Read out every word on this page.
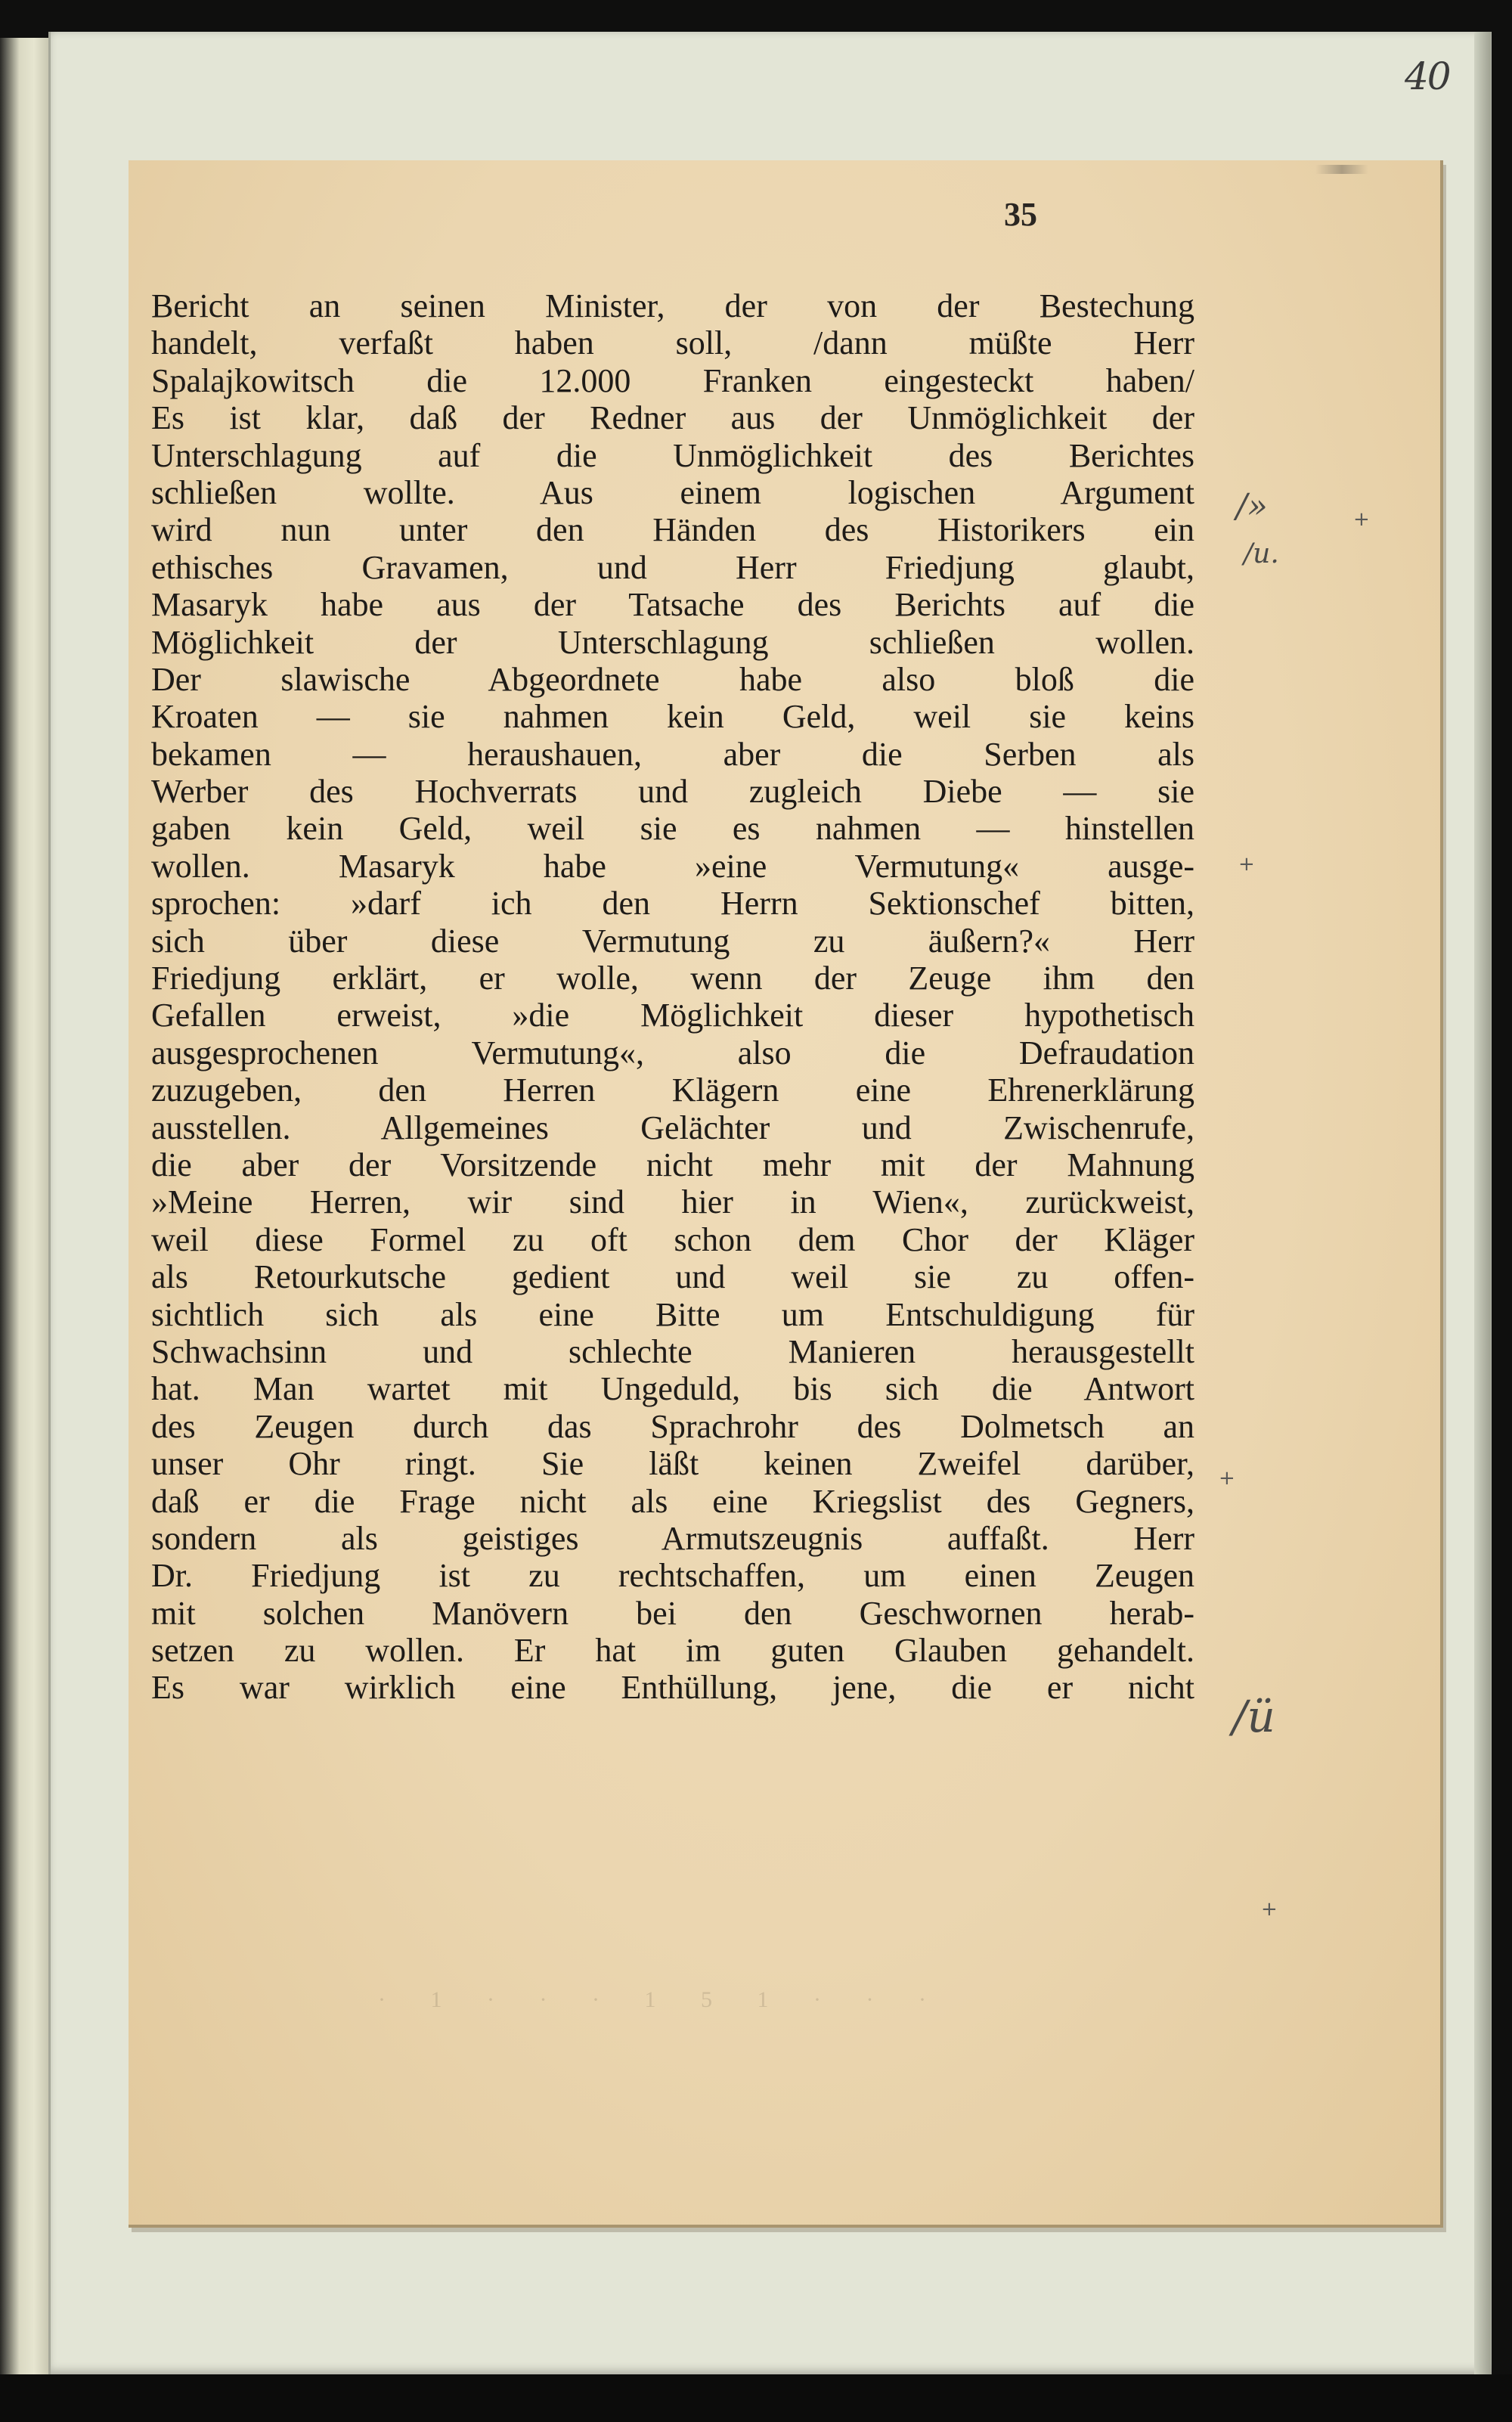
40
35
Bericht an seinen Minister, der von der Bestechung
handelt, verfaßt haben soll, /dann müßte Herr
Spalajkowitsch die 12.000 Franken eingesteckt haben/
Es ist klar, daß der Redner aus der Unmöglichkeit der
Unterschlagung auf die Unmöglichkeit des Berichtes
schließen wollte. Aus einem logischen Argument
wird nun unter den Händen des Historikers ein
ethisches Gravamen, und Herr Friedjung glaubt,
Masaryk habe aus der Tatsache des Berichts auf die
Möglichkeit der Unterschlagung schließen wollen.
Der slawische Abgeordnete habe also bloß die
Kroaten — sie nahmen kein Geld, weil sie keins
bekamen — heraushauen, aber die Serben als
Werber des Hochverrats und zugleich Diebe — sie
gaben kein Geld, weil sie es nahmen — hinstellen
wollen. Masaryk habe »eine Vermutung« ausge-
sprochen: »darf ich den Herrn Sektionschef bitten,
sich über diese Vermutung zu äußern?« Herr
Friedjung erklärt, er wolle, wenn der Zeuge ihm den
Gefallen erweist, »die Möglichkeit dieser hypothetisch
ausgesprochenen Vermutung«, also die Defraudation
zuzugeben, den Herren Klägern eine Ehrenerklärung
ausstellen. Allgemeines Gelächter und Zwischenrufe,
die aber der Vorsitzende nicht mehr mit der Mahnung
»Meine Herren, wir sind hier in Wien«, zurückweist,
weil diese Formel zu oft schon dem Chor der Kläger
als Retourkutsche gedient und weil sie zu offen-
sichtlich sich als eine Bitte um Entschuldigung für
Schwachsinn und schlechte Manieren herausgestellt
hat. Man wartet mit Ungeduld, bis sich die Antwort
des Zeugen durch das Sprachrohr des Dolmetsch an
unser Ohr ringt. Sie läßt keinen Zweifel darüber,
daß er die Frage nicht als eine Kriegslist des Gegners,
sondern als geistiges Armutszeugnis auffaßt. Herr
Dr. Friedjung ist zu rechtschaffen, um einen Zeugen
mit solchen Manövern bei den Geschwornen herab-
setzen zu wollen. Er hat im guten Glauben gehandelt.
Es war wirklich eine Enthüllung, jene, die er nicht
/»
/u.
/ü
+
+
+
+
· 1 · · · 1 5 1 · · ·
